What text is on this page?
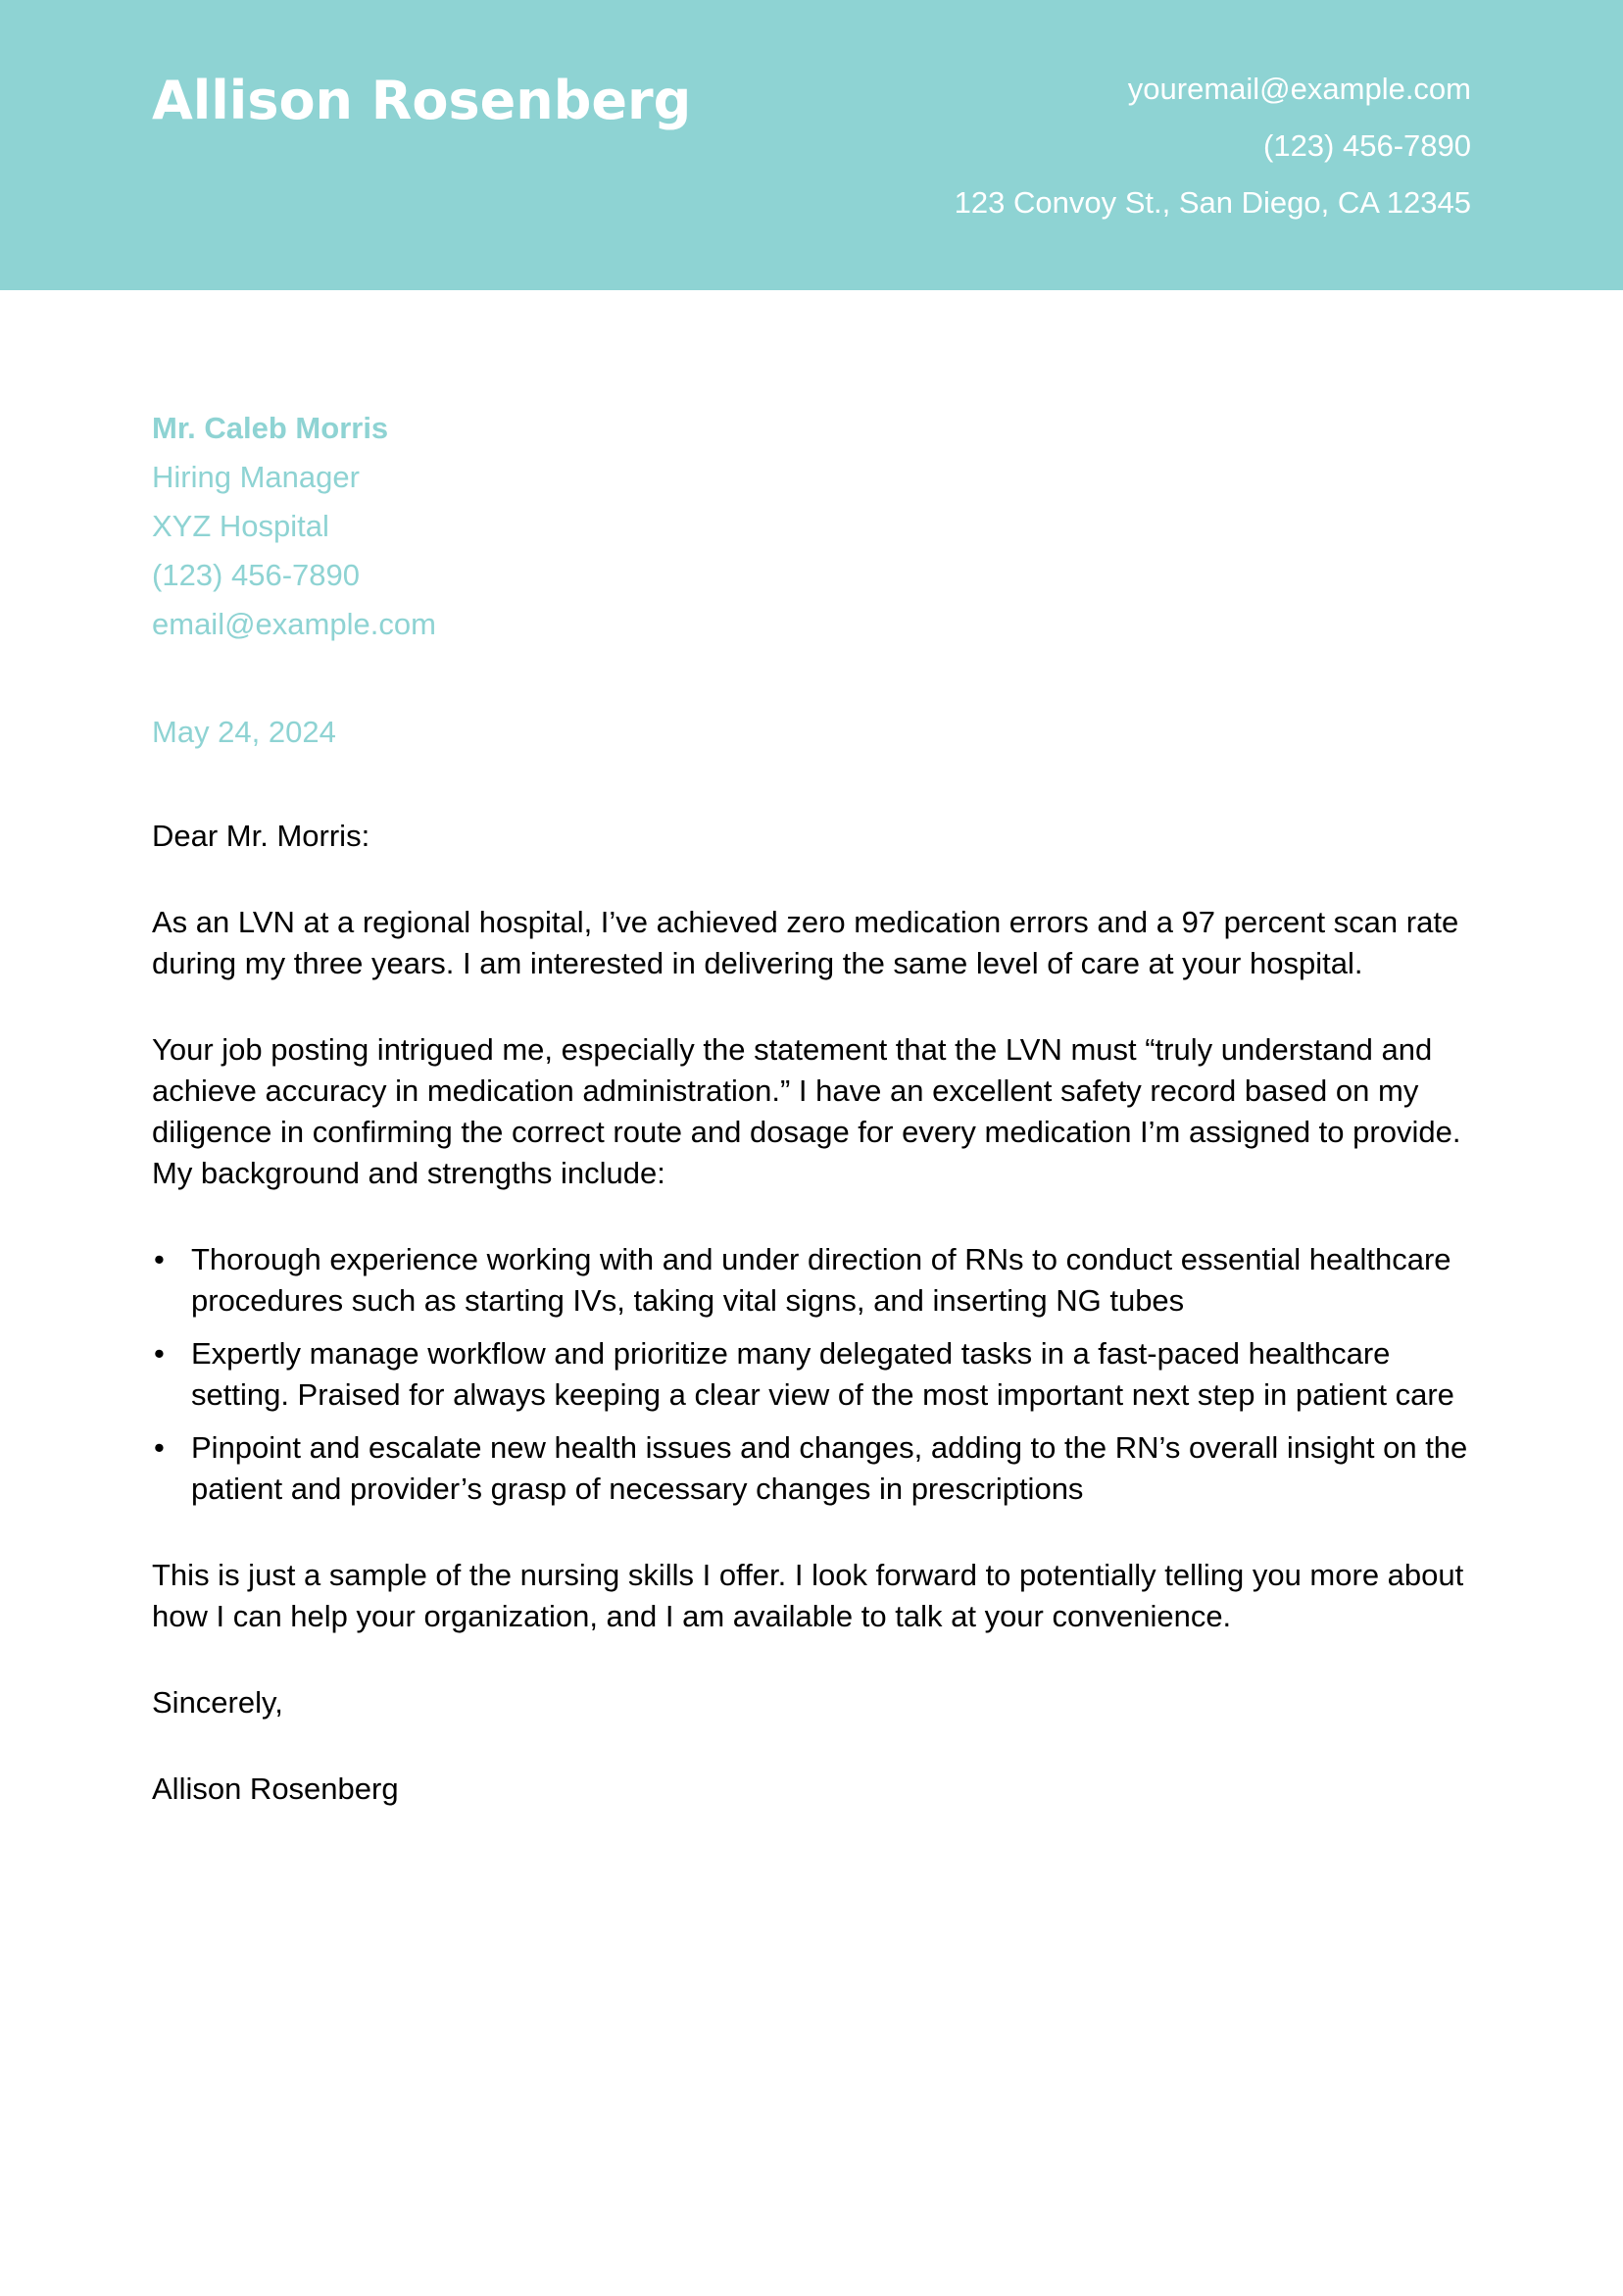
Allison Rosenberg	youremail@example.com
(123) 456-7890
123 Convoy St., San Diego, CA 12345
Mr. Caleb Morris
Hiring Manager
XYZ Hospital
(123) 456-7890
email@example.com
May 24, 2024

Dear Mr. Morris:

As an LVN at a regional hospital, I’ve achieved zero medication errors and a 97 percent scan rate during my three years. I am interested in delivering the same level of care at your hospital.

Your job posting intrigued me, especially the statement that the LVN must “truly understand and achieve accuracy in medication administration.” I have an excellent safety record based on my diligence in confirming the correct route and dosage for every medication I’m assigned to provide. My background and strengths include:

• Thorough experience working with and under direction of RNs to conduct essential healthcare procedures such as starting IVs, taking vital signs, and inserting NG tubes
• Expertly manage workflow and prioritize many delegated tasks in a fast-paced healthcare setting. Praised for always keeping a clear view of the most important next step in patient care
• Pinpoint and escalate new health issues and changes, adding to the RN’s overall insight on the patient and provider’s grasp of necessary changes in prescriptions

This is just a sample of the nursing skills I offer. I look forward to potentially telling you more about how I can help your organization, and I am available to talk at your convenience.

Sincerely,

Allison Rosenberg
